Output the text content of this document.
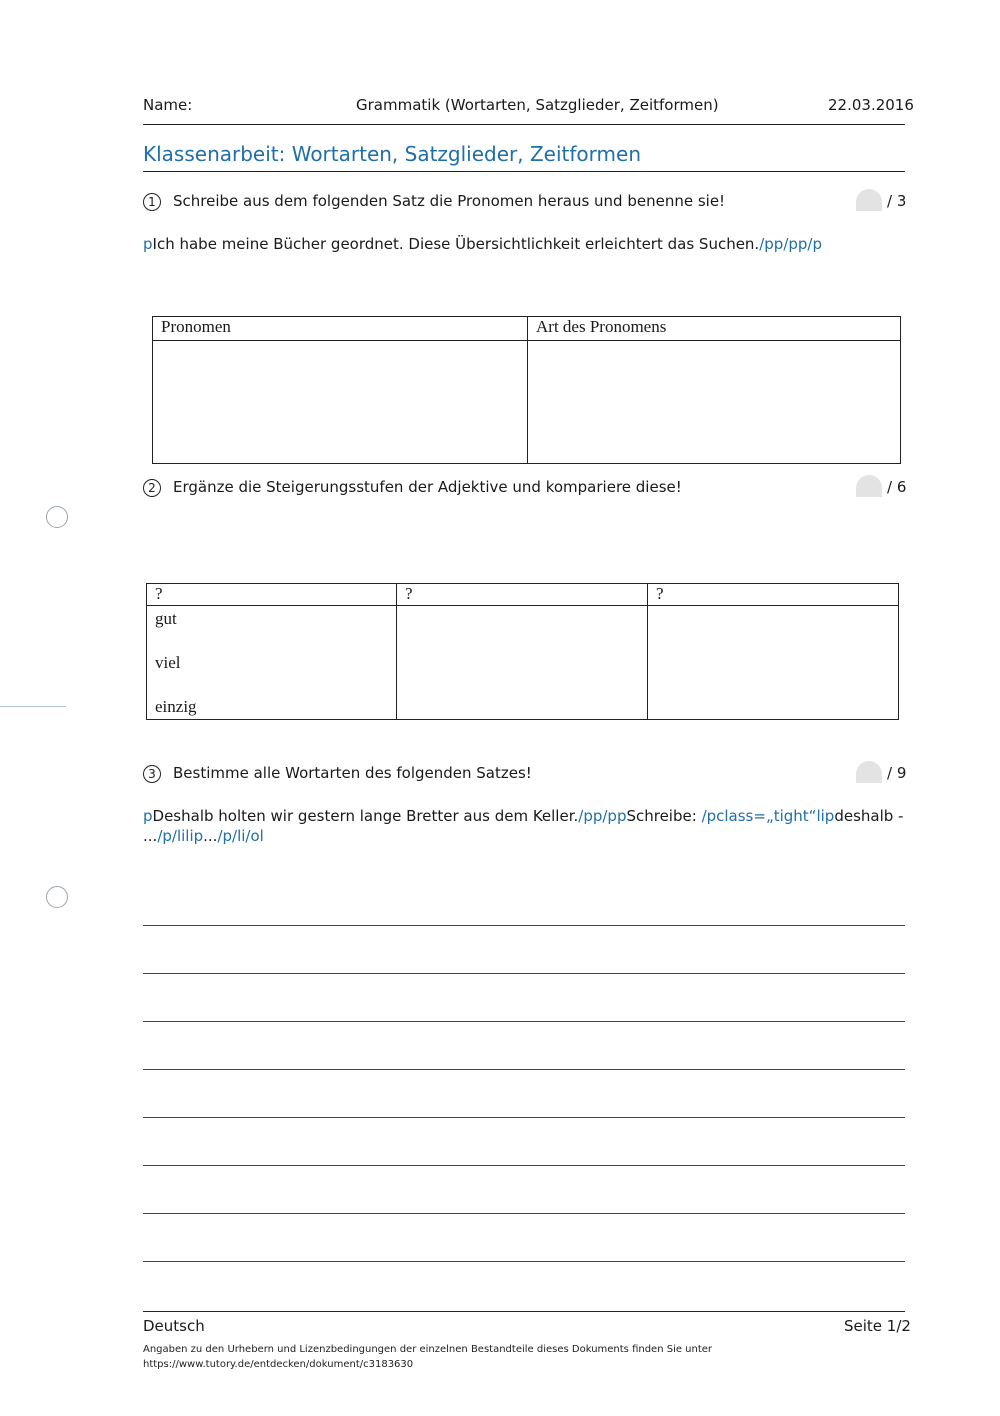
Name:	Grammatik (Wortarten, Satzglieder, Zeitformen)	22.03.2016
Klassenarbeit: Wortarten, Satzglieder, Zeitformen
1	Schreibe aus dem folgenden Satz die Pronomen heraus und benenne sie!	/ 3
pIch habe meine Bücher geordnet. Diese Übersichtlichkeit erleichtert das Suchen./pp/pp/p
Pronomen	Art des Pronomens

2	Ergänze die Steigerungsstufen der Adjektive und kompariere diese!	/ 6
?	?	?

gut
viel
einzig		

3	Bestimme alle Wortarten des folgenden Satzes!	/ 9
pDeshalb holten wir gestern lange Bretter aus dem Keller./pp/ppSchreibe: /pclass=„tight“lipdeshalb -
.../p/lilip.../p/li/ol
Deutsch	Seite 1/2
Angaben zu den Urhebern und Lizenzbedingungen der einzelnen Bestandteile dieses Dokuments finden Sie unter
https://www.tutory.de/entdecken/dokument/c3183630
